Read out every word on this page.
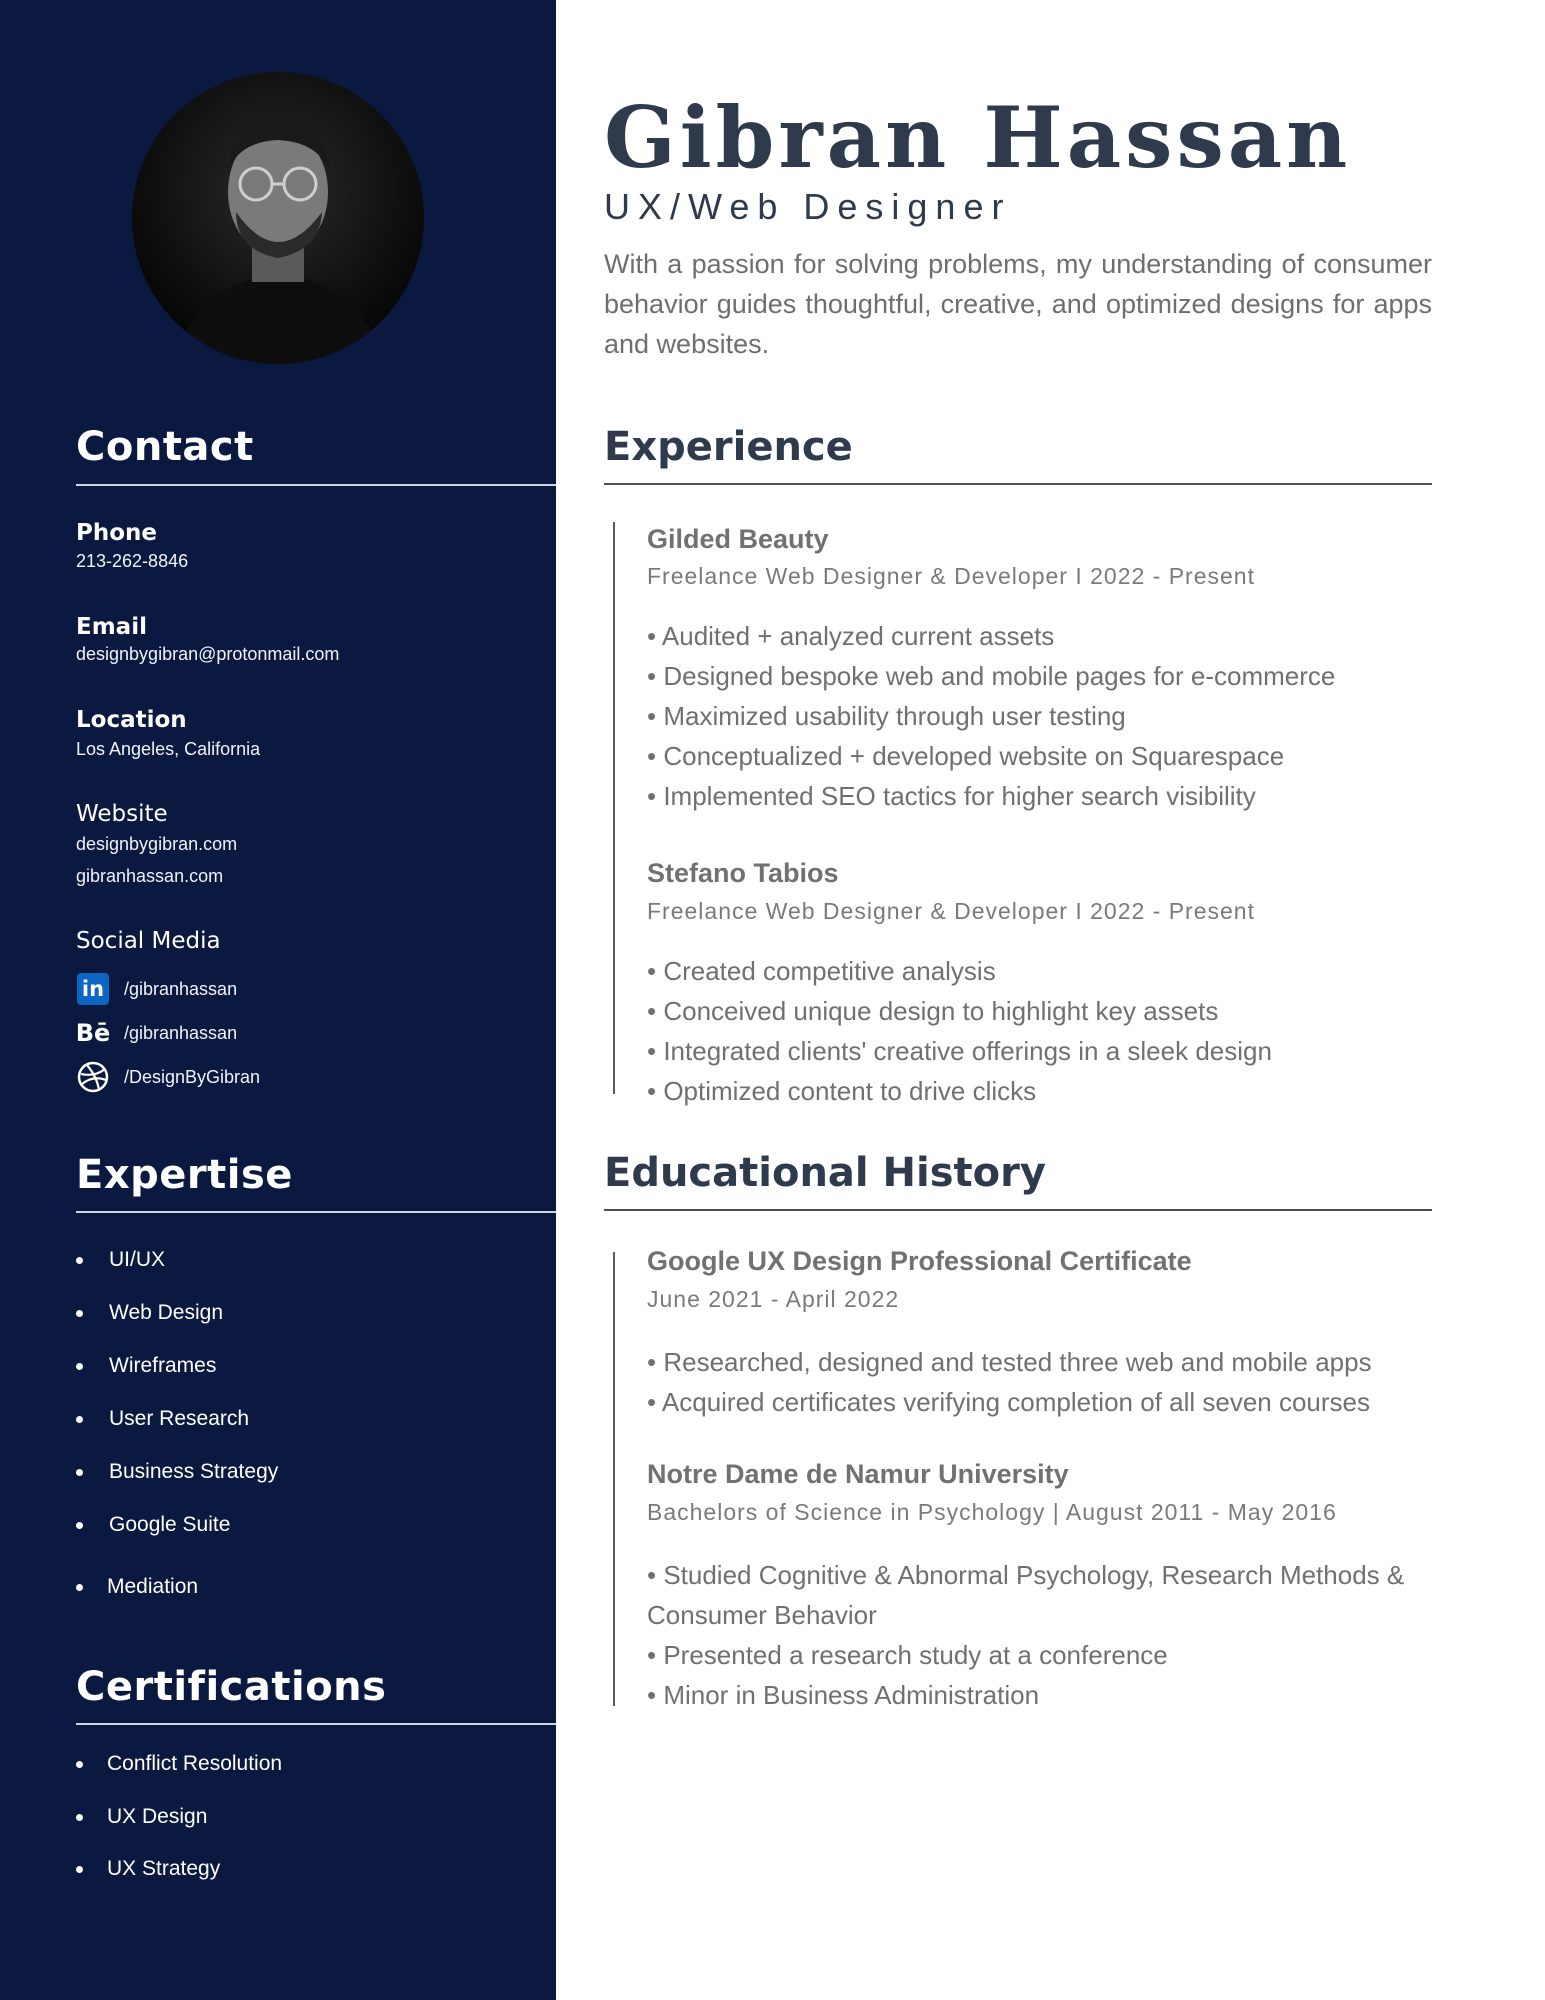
Contact
Phone
213-262-8846
Email
designbygibran@protonmail.com
Location
Los Angeles, California
Website
designbygibran.com
gibranhassan.com
Social Media
in /gibranhassan
Bē /gibranhassan
/DesignByGibran
Expertise
UI/UX
Web Design
Wireframes
User Research
Business Strategy
Google Suite
Mediation
Certifications
Conflict Resolution
UX Design
UX Strategy
Gibran Hassan
UX/Web Designer
With a passion for solving problems, my understanding of consumer behavior guides thoughtful, creative, and optimized designs for apps and websites.
Experience
Gilded Beauty
Freelance Web Designer & Developer I 2022 - Present
• Audited + analyzed current assets
• Designed bespoke web and mobile pages for e-commerce
• Maximized usability through user testing
• Conceptualized + developed website on Squarespace
• Implemented SEO tactics for higher search visibility
Stefano Tabios
Freelance Web Designer & Developer I 2022 - Present
• Created competitive analysis
• Conceived unique design to highlight key assets
• Integrated clients' creative offerings in a sleek design
• Optimized content to drive clicks
Educational History
Google UX Design Professional Certificate
June 2021 - April 2022
• Researched, designed and tested three web and mobile apps
• Acquired certificates verifying completion of all seven courses
Notre Dame de Namur University
Bachelors of Science in Psychology | August 2011 - May 2016
• Studied Cognitive & Abnormal Psychology, Research Methods & Consumer Behavior
• Presented a research study at a conference
• Minor in Business Administration
